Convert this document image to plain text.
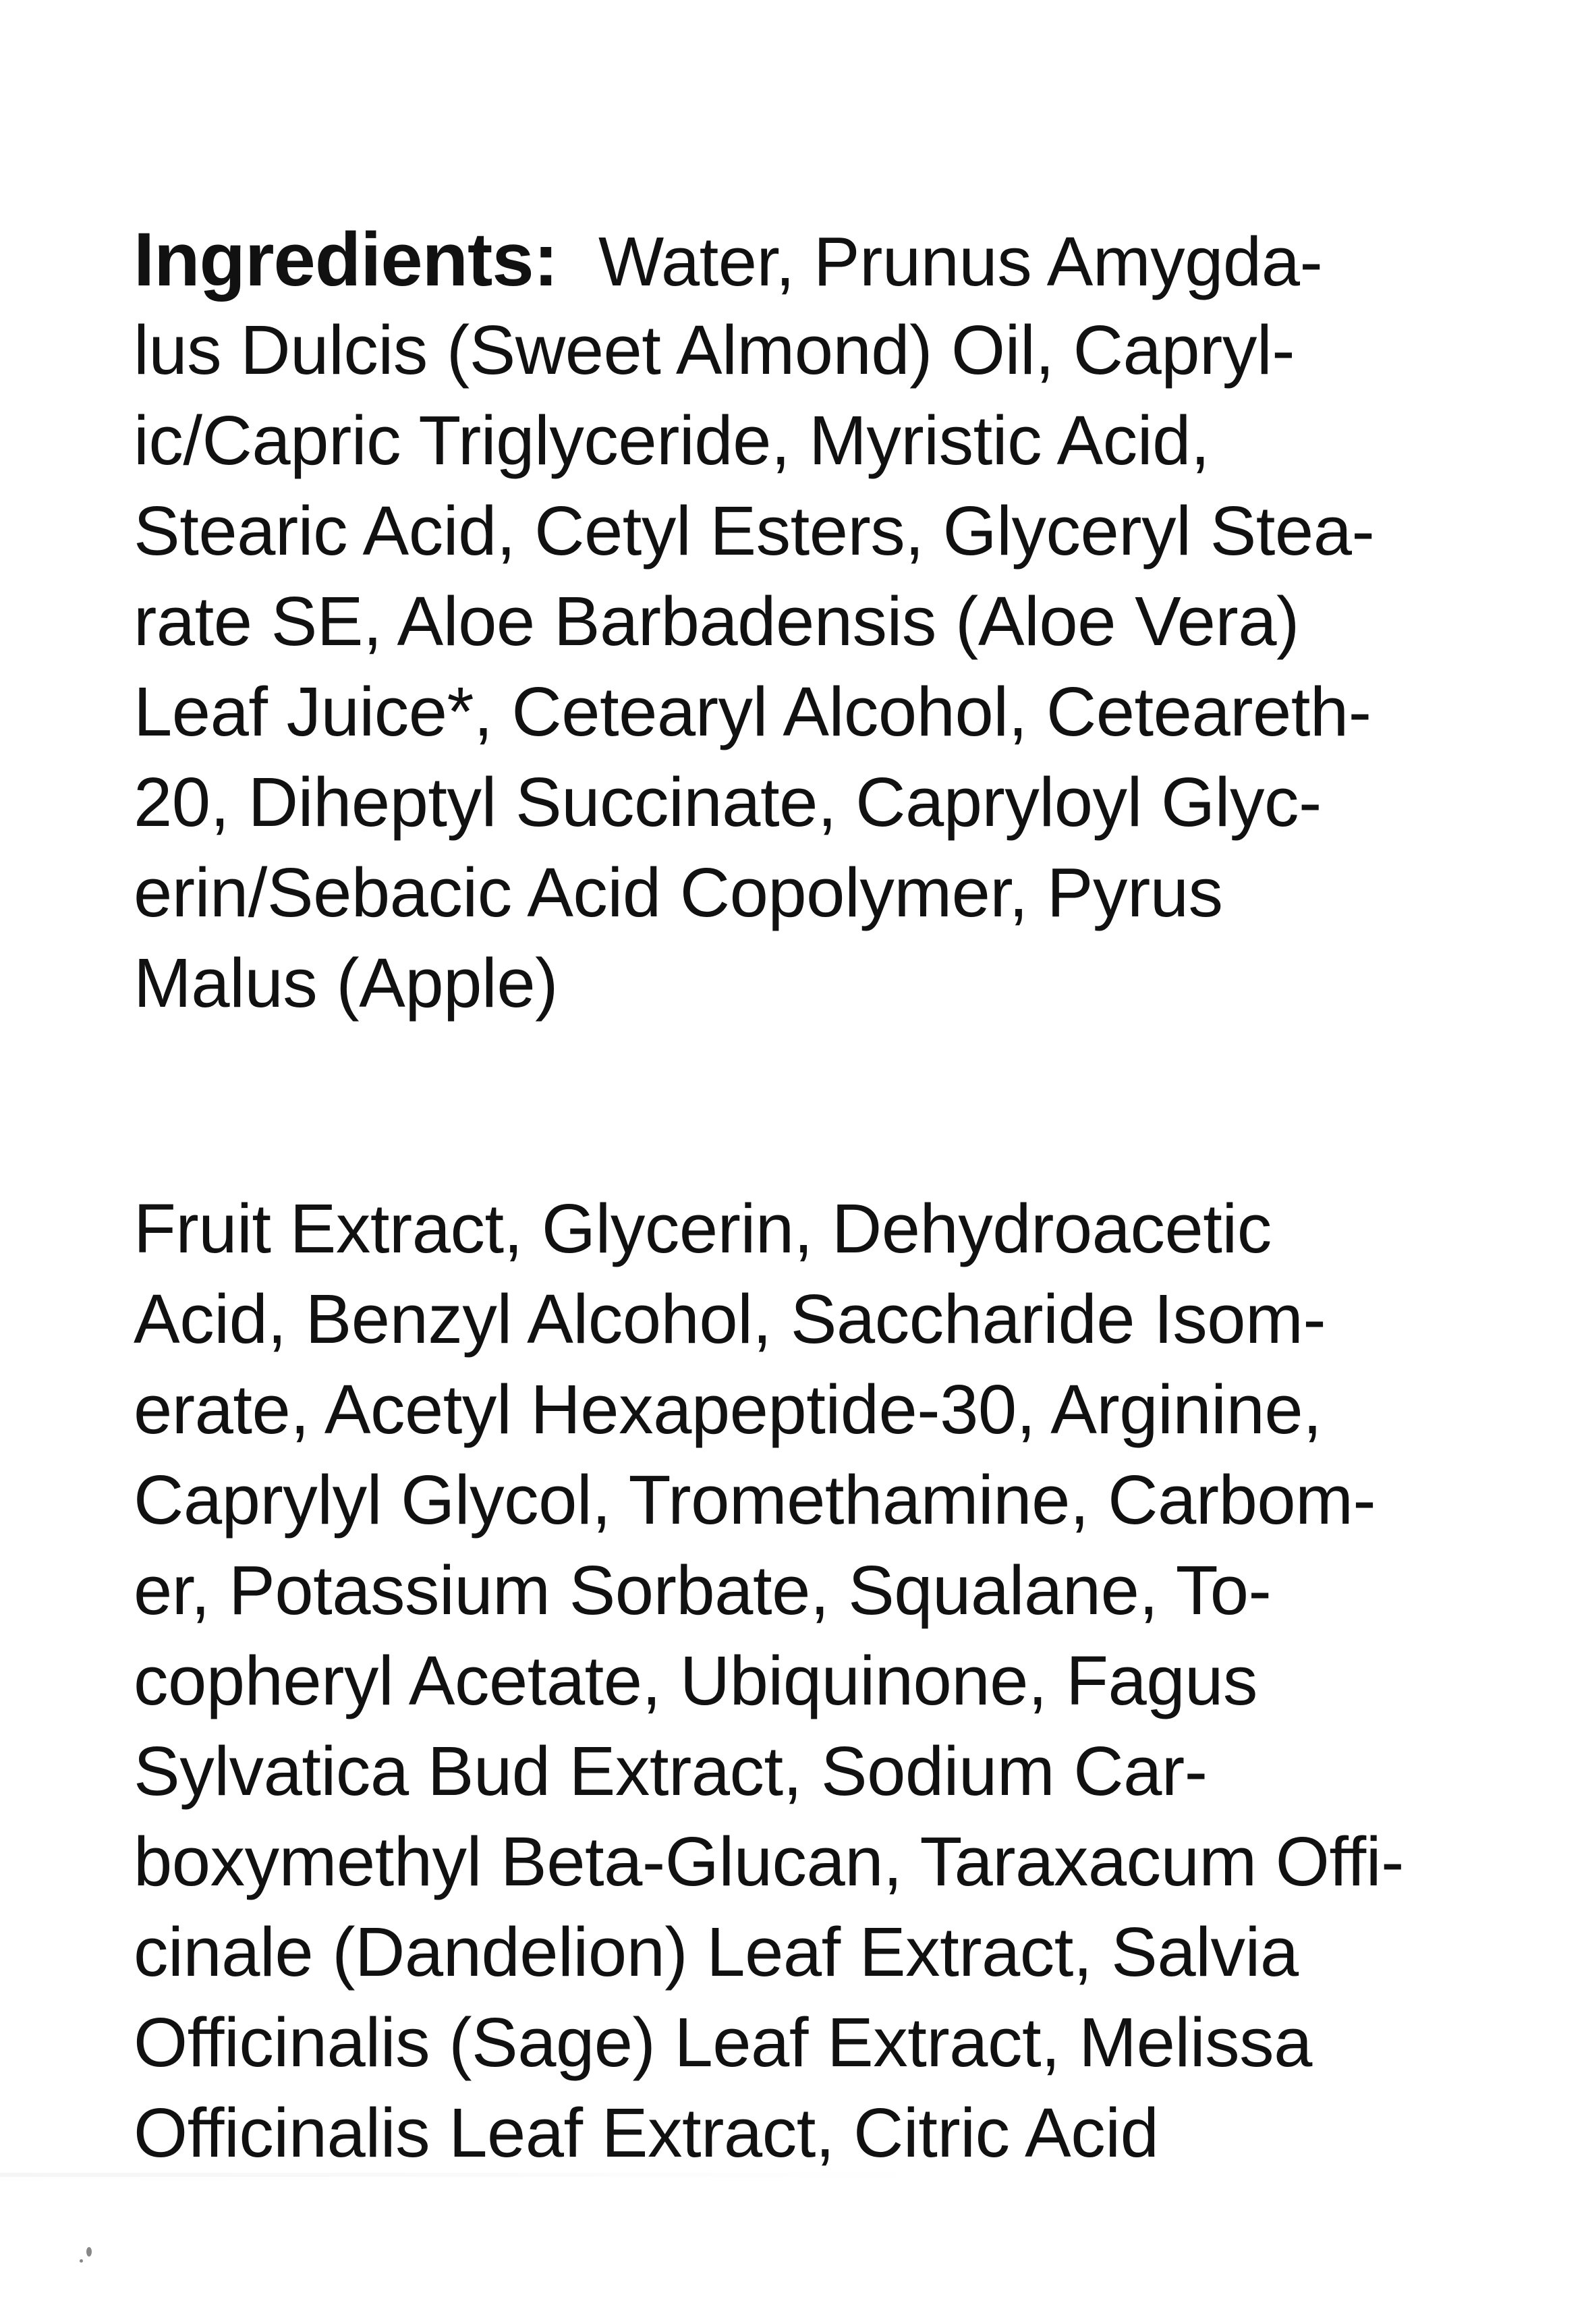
Ingredients: Water, Prunus Amygda-
lus Dulcis (Sweet Almond) Oil, Capryl-
ic/Capric Triglyceride, Myristic Acid,
Stearic Acid, Cetyl Esters, Glyceryl Stea-
rate SE, Aloe Barbadensis (Aloe Vera)
Leaf Juice*, Cetearyl Alcohol, Ceteareth-
20, Diheptyl Succinate, Capryloyl Glyc-
erin/Sebacic Acid Copolymer, Pyrus
Malus (Apple)
Fruit Extract, Glycerin, Dehydroacetic
Acid, Benzyl Alcohol, Saccharide Isom-
erate, Acetyl Hexapeptide-30, Arginine,
Caprylyl Glycol, Tromethamine, Carbom-
er, Potassium Sorbate, Squalane, To-
copheryl Acetate, Ubiquinone, Fagus
Sylvatica Bud Extract, Sodium Car-
boxymethyl Beta-Glucan, Taraxacum Offi-
cinale (Dandelion) Leaf Extract, Salvia
Officinalis (Sage) Leaf Extract, Melissa
Officinalis Leaf Extract, Citric Acid
